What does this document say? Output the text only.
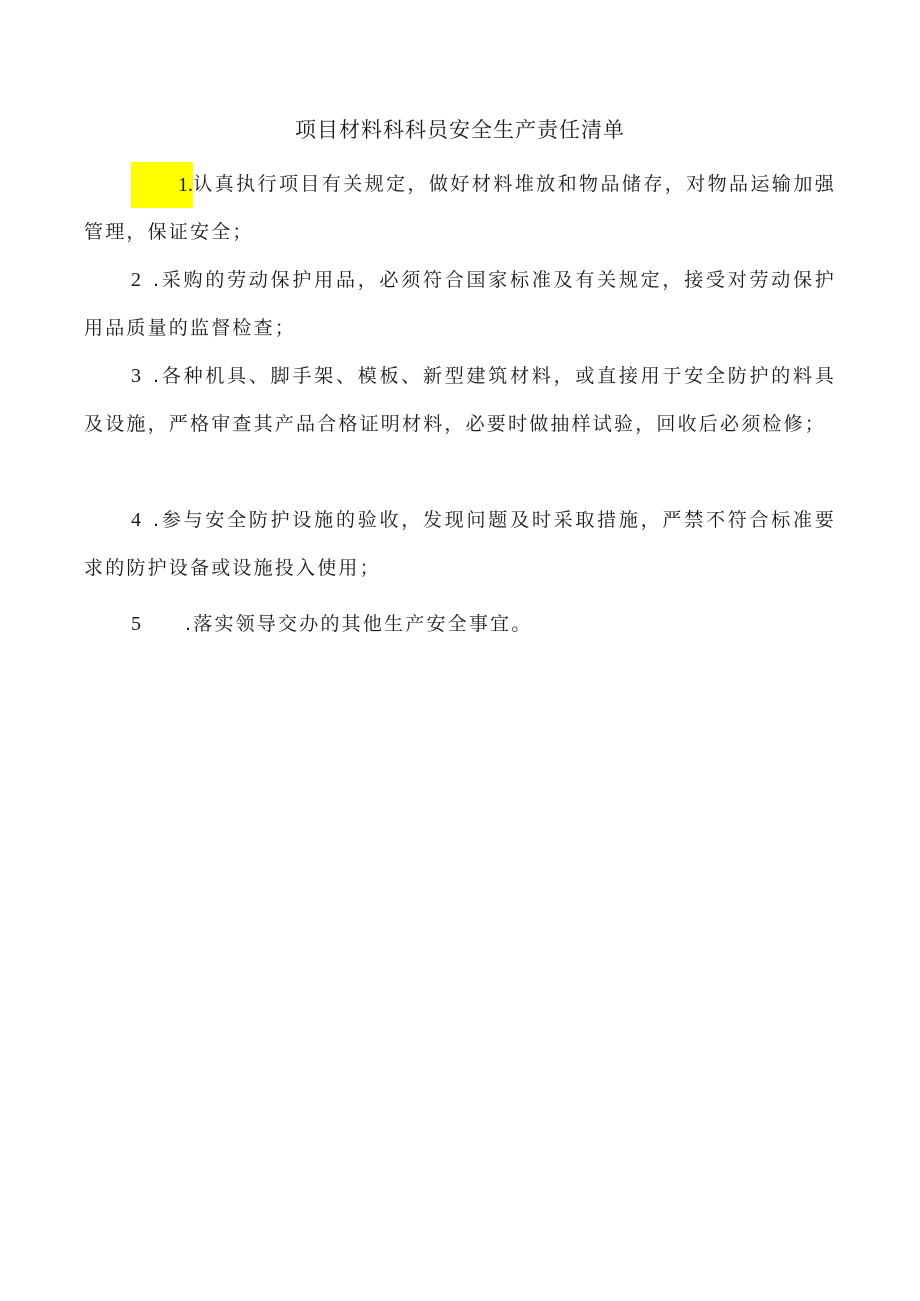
项目材料科科员安全生产责任清单

1.认真执行项目有关规定，做好材料堆放和物品储存，对物品运输加强管理，保证安全；

2 .采购的劳动保护用品，必须符合国家标准及有关规定，接受对劳动保护用品质量的监督检查；

3 .各种机具、脚手架、模板、新型建筑材料，或直接用于安全防护的料具及设施，严格审查其产品合格证明材料，必要时做抽样试验，回收后必须检修；

4 .参与安全防护设施的验收，发现问题及时采取措施，严禁不符合标准要求的防护设备或设施投入使用；

5 .落实领导交办的其他生产安全事宜。
